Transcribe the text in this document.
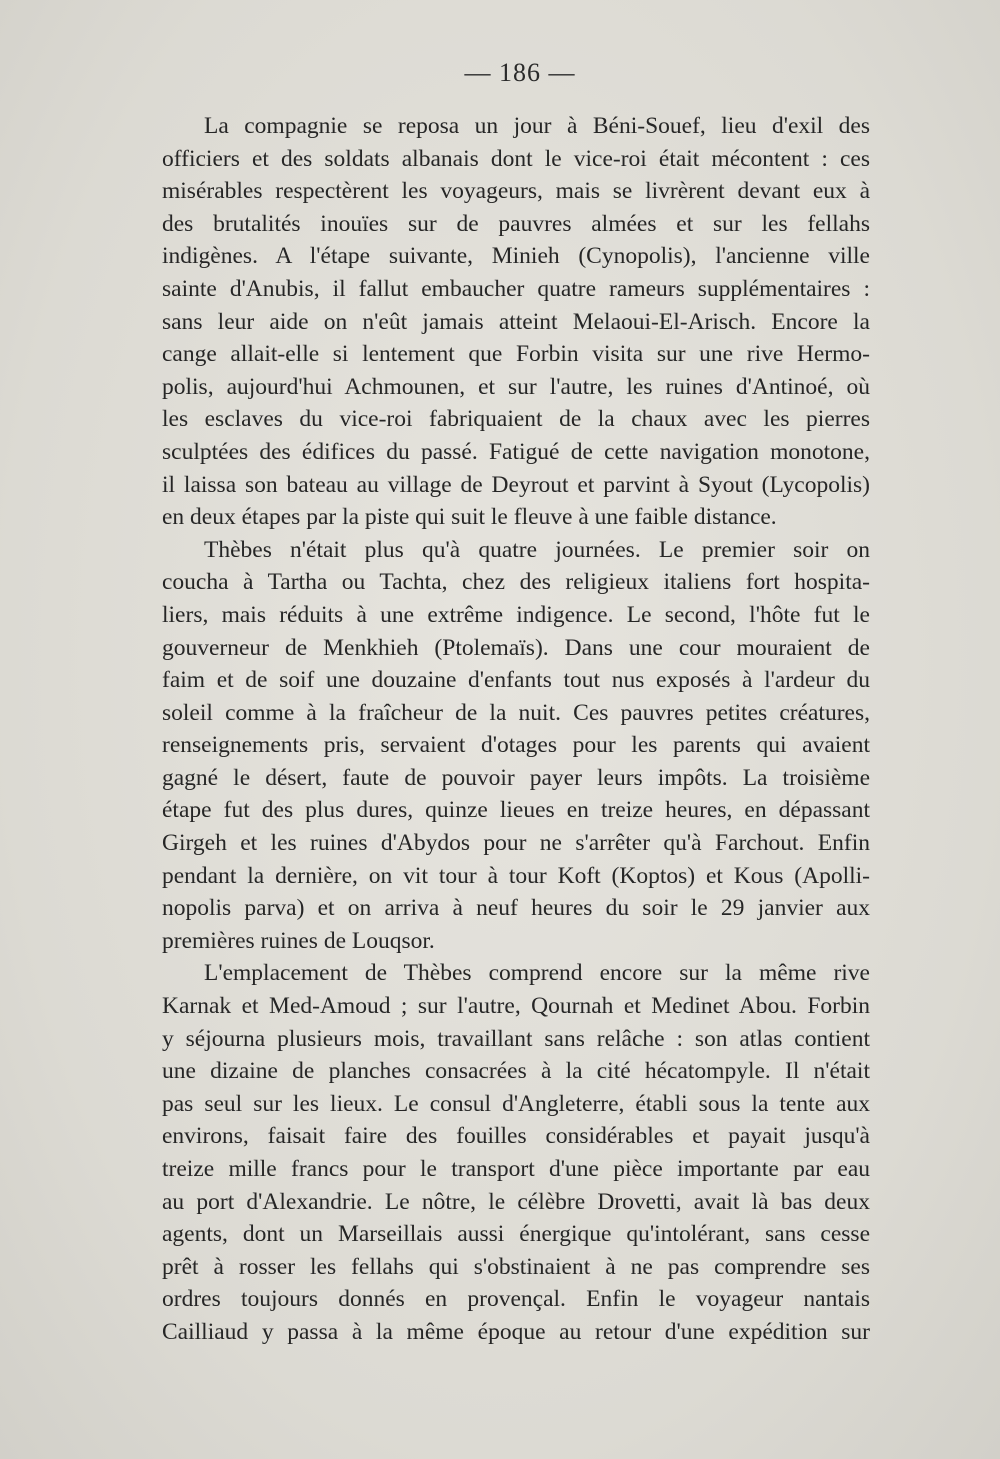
— 186 —
La compagnie se reposa un jour à Béni-Souef, lieu d'exil des
officiers et des soldats albanais dont le vice-roi était mécontent : ces
misérables respectèrent les voyageurs, mais se livrèrent devant eux à
des brutalités inouïes sur de pauvres almées et sur les fellahs
indigènes. A l'étape suivante, Minieh (Cynopolis), l'ancienne ville
sainte d'Anubis, il fallut embaucher quatre rameurs supplémentaires :
sans leur aide on n'eût jamais atteint Melaoui-El-Arisch. Encore la
cange allait-elle si lentement que Forbin visita sur une rive Hermo-
polis, aujourd'hui Achmounen, et sur l'autre, les ruines d'Antinoé, où
les esclaves du vice-roi fabriquaient de la chaux avec les pierres
sculptées des édifices du passé. Fatigué de cette navigation monotone,
il laissa son bateau au village de Deyrout et parvint à Syout (Lycopolis)
en deux étapes par la piste qui suit le fleuve à une faible distance.
Thèbes n'était plus qu'à quatre journées. Le premier soir on
coucha à Tartha ou Tachta, chez des religieux italiens fort hospita-
liers, mais réduits à une extrême indigence. Le second, l'hôte fut le
gouverneur de Menkhieh (Ptolemaïs). Dans une cour mouraient de
faim et de soif une douzaine d'enfants tout nus exposés à l'ardeur du
soleil comme à la fraîcheur de la nuit. Ces pauvres petites créatures,
renseignements pris, servaient d'otages pour les parents qui avaient
gagné le désert, faute de pouvoir payer leurs impôts. La troisième
étape fut des plus dures, quinze lieues en treize heures, en dépassant
Girgeh et les ruines d'Abydos pour ne s'arrêter qu'à Farchout. Enfin
pendant la dernière, on vit tour à tour Koft (Koptos) et Kous (Apolli-
nopolis parva) et on arriva à neuf heures du soir le 29 janvier aux
premières ruines de Louqsor.
L'emplacement de Thèbes comprend encore sur la même rive
Karnak et Med-Amoud ; sur l'autre, Qournah et Medinet Abou. Forbin
y séjourna plusieurs mois, travaillant sans relâche : son atlas contient
une dizaine de planches consacrées à la cité hécatompyle. Il n'était
pas seul sur les lieux. Le consul d'Angleterre, établi sous la tente aux
environs, faisait faire des fouilles considérables et payait jusqu'à
treize mille francs pour le transport d'une pièce importante par eau
au port d'Alexandrie. Le nôtre, le célèbre Drovetti, avait là bas deux
agents, dont un Marseillais aussi énergique qu'intolérant, sans cesse
prêt à rosser les fellahs qui s'obstinaient à ne pas comprendre ses
ordres toujours donnés en provençal. Enfin le voyageur nantais
Cailliaud y passa à la même époque au retour d'une expédition sur
